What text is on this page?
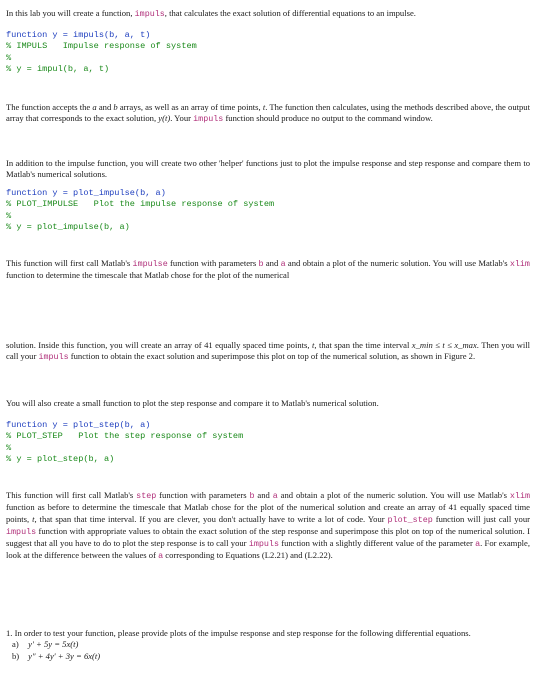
In this lab you will create a function, impuls, that calculates the exact solution of differential equations to an impulse.

function y = impuls(b, a, t)
% IMPULS   Impulse response of system
%
% y = impul(b, a, t)

The function accepts the a and b arrays, as well as an array of time points, t. The function then calculates, using the methods described above, the output array that corresponds to the exact solution, y(t). Your impuls function should produce no output to the command window.

In addition to the impulse function, you will create two other 'helper' functions just to plot the impulse response and step response and compare them to Matlab's numerical solutions.

function y = plot_impulse(b, a)
% PLOT_IMPULSE   Plot the impulse response of system
%
% y = plot_impulse(b, a)

This function will first call Matlab's impulse function with parameters b and a and obtain a plot of the numeric solution. You will use Matlab's xlim function to determine the timescale that Matlab chose for the plot of the numerical

solution. Inside this function, you will create an array of 41 equally spaced time points, t, that span the time interval x_min ≤ t ≤ x_max. Then you will call your impuls function to obtain the exact solution and superimpose this plot on top of the numerical solution, as shown in Figure 2.

You will also create a small function to plot the step response and compare it to Matlab's numerical solution.

function y = plot_step(b, a)
% PLOT_STEP   Plot the step response of system
%
% y = plot_step(b, a)

This function will first call Matlab's step function with parameters b and a and obtain a plot of the numeric solution. You will use Matlab's xlim function as before to determine the timescale that Matlab chose for the plot of the numerical solution and create an array of 41 equally spaced time points, t, that span that time interval. If you are clever, you don't actually have to write a lot of code. Your plot_step function will just call your impuls function with appropriate values to obtain the exact solution of the step response and superimpose this plot on top of the numerical solution. I suggest that all you have to do to plot the step response is to call your impuls function with a slightly different value of the parameter a. For example, look at the difference between the values of a corresponding to Equations (L2.21) and (L2.22).

1. In order to test your function, please provide plots of the impulse response and step response for the following differential equations.

a) y′ + 5y = 5x(t)
b) y″ + 4y′ + 3y = 6x(t)
